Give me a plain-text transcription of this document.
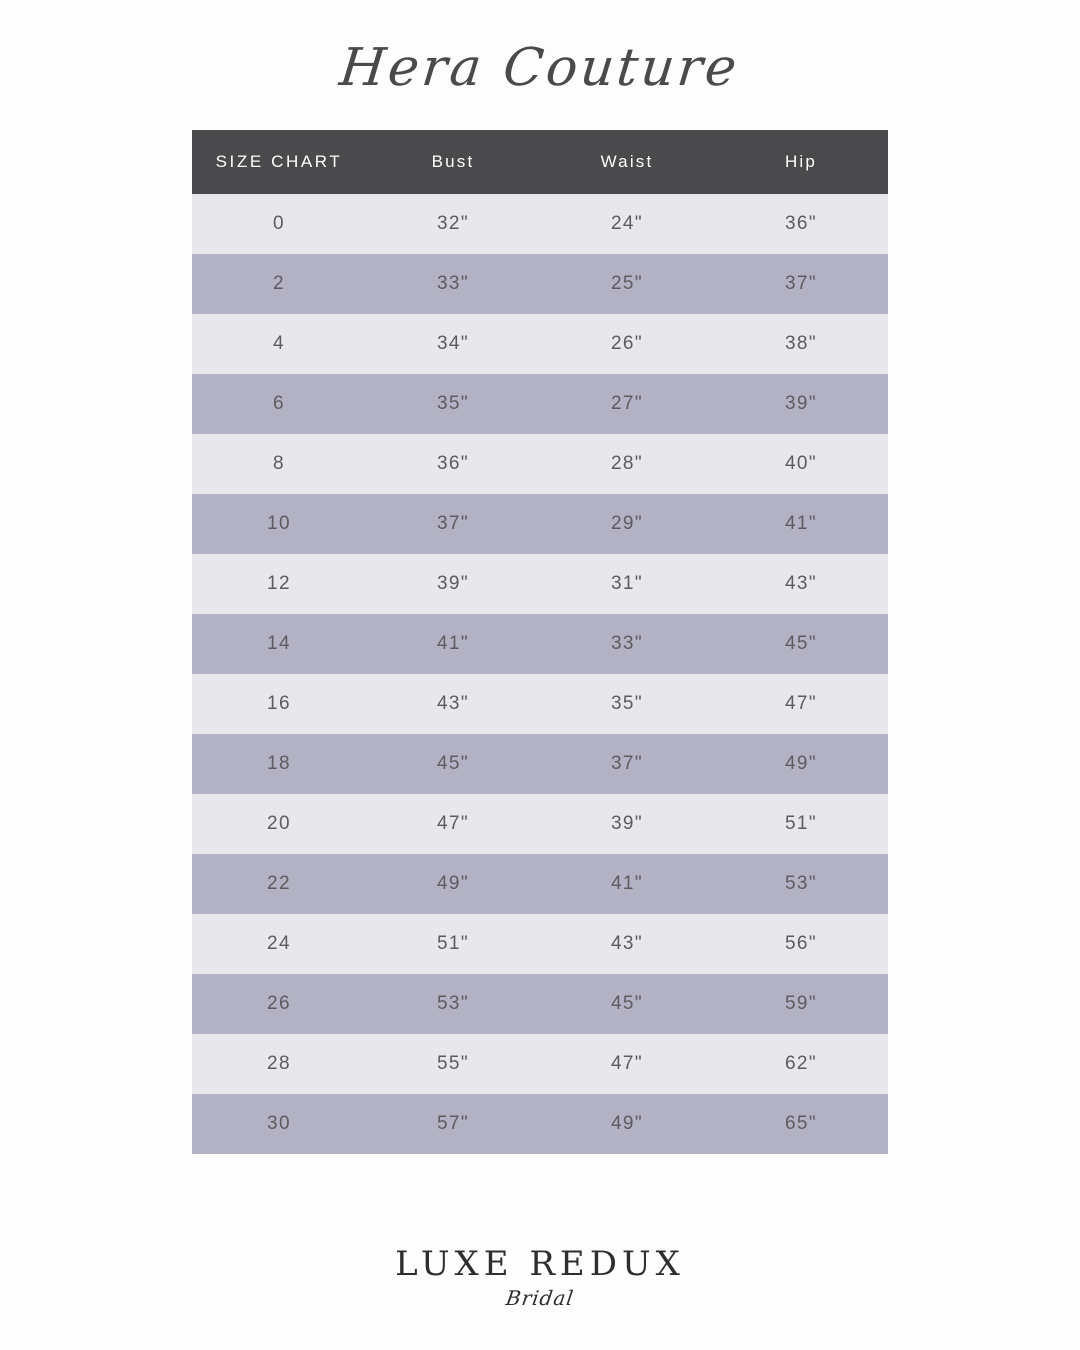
Hera Couture
SIZE CHART	Bust	Waist	Hip
0	32"	24"	36"
2	33"	25"	37"
4	34"	26"	38"
6	35"	27"	39"
8	36"	28"	40"
10	37"	29"	41"
12	39"	31"	43"
14	41"	33"	45"
16	43"	35"	47"
18	45"	37"	49"
20	47"	39"	51"
22	49"	41"	53"
24	51"	43"	56"
26	53"	45"	59"
28	55"	47"	62"
30	57"	49"	65"
LUXE REDUX
Bridal
